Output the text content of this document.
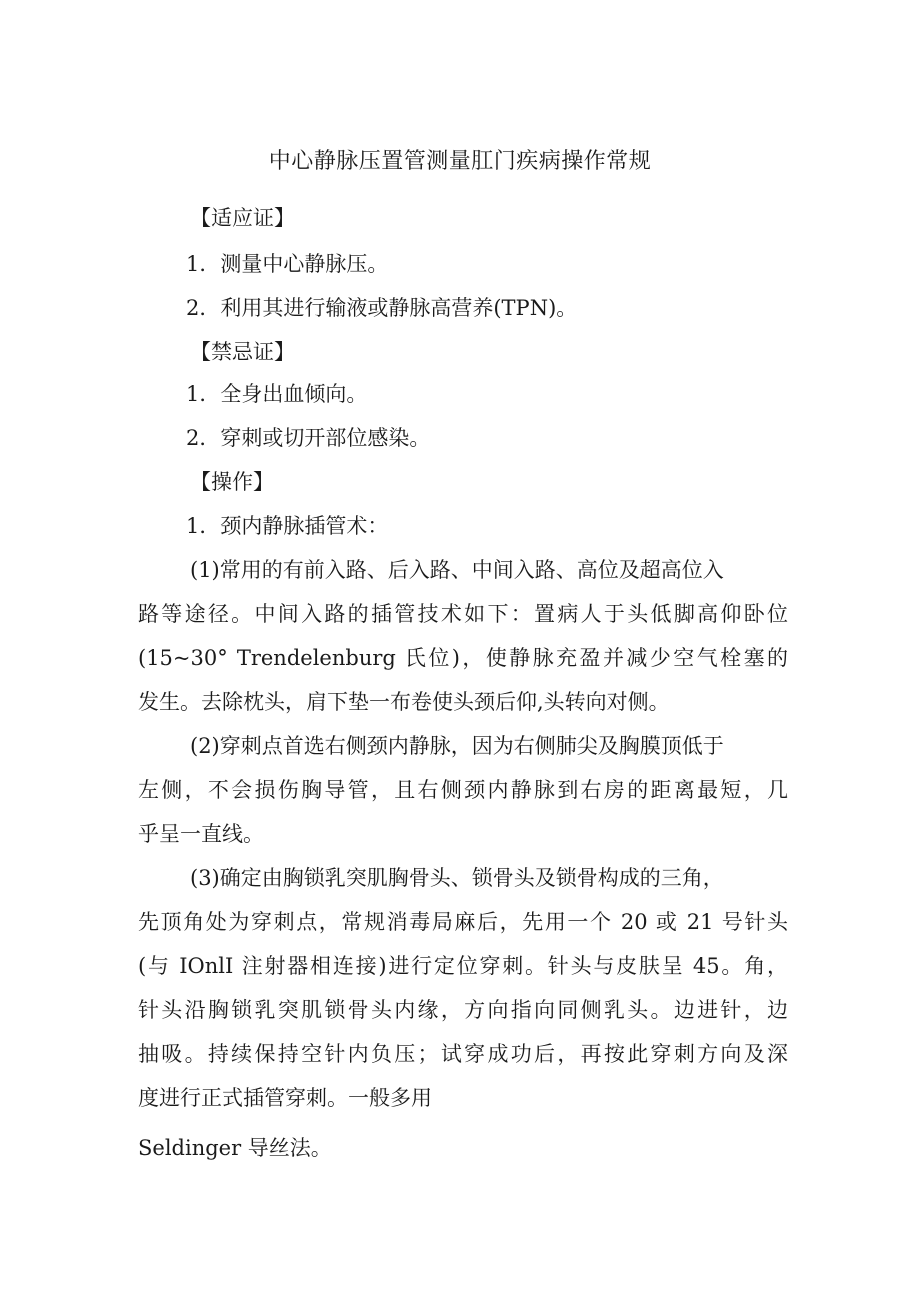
中心静脉压置管测量肛门疾病操作常规
【适应证】
1．测量中心静脉压。
2．利用其进行输液或静脉高营养(TPN)。
【禁忌证】
1．全身出血倾向。
2．穿刺或切开部位感染。
【操作】
1．颈内静脉插管术：
(1)常用的有前入路、后入路、中间入路、高位及超高位入
路等途径。中间入路的插管技术如下：置病人于头低脚高仰卧位
(15~30° Trendelenburg 氏位)，使静脉充盈并减少空气栓塞的
发生。去除枕头，肩下垫一布卷使头颈后仰,头转向对侧。
(2)穿刺点首选右侧颈内静脉，因为右侧肺尖及胸膜顶低于
左侧，不会损伤胸导管，且右侧颈内静脉到右房的距离最短，几
乎呈一直线。
(3)确定由胸锁乳突肌胸骨头、锁骨头及锁骨构成的三角，
先顶角处为穿刺点，常规消毒局麻后，先用一个 20 或 21 号针头
(与 IOnlI 注射器相连接)进行定位穿刺。针头与皮肤呈 45。角，
针头沿胸锁乳突肌锁骨头内缘，方向指向同侧乳头。边进针，边
抽吸。持续保持空针内负压；试穿成功后，再按此穿刺方向及深
度进行正式插管穿刺。一般多用
Seldinger 导丝法。
